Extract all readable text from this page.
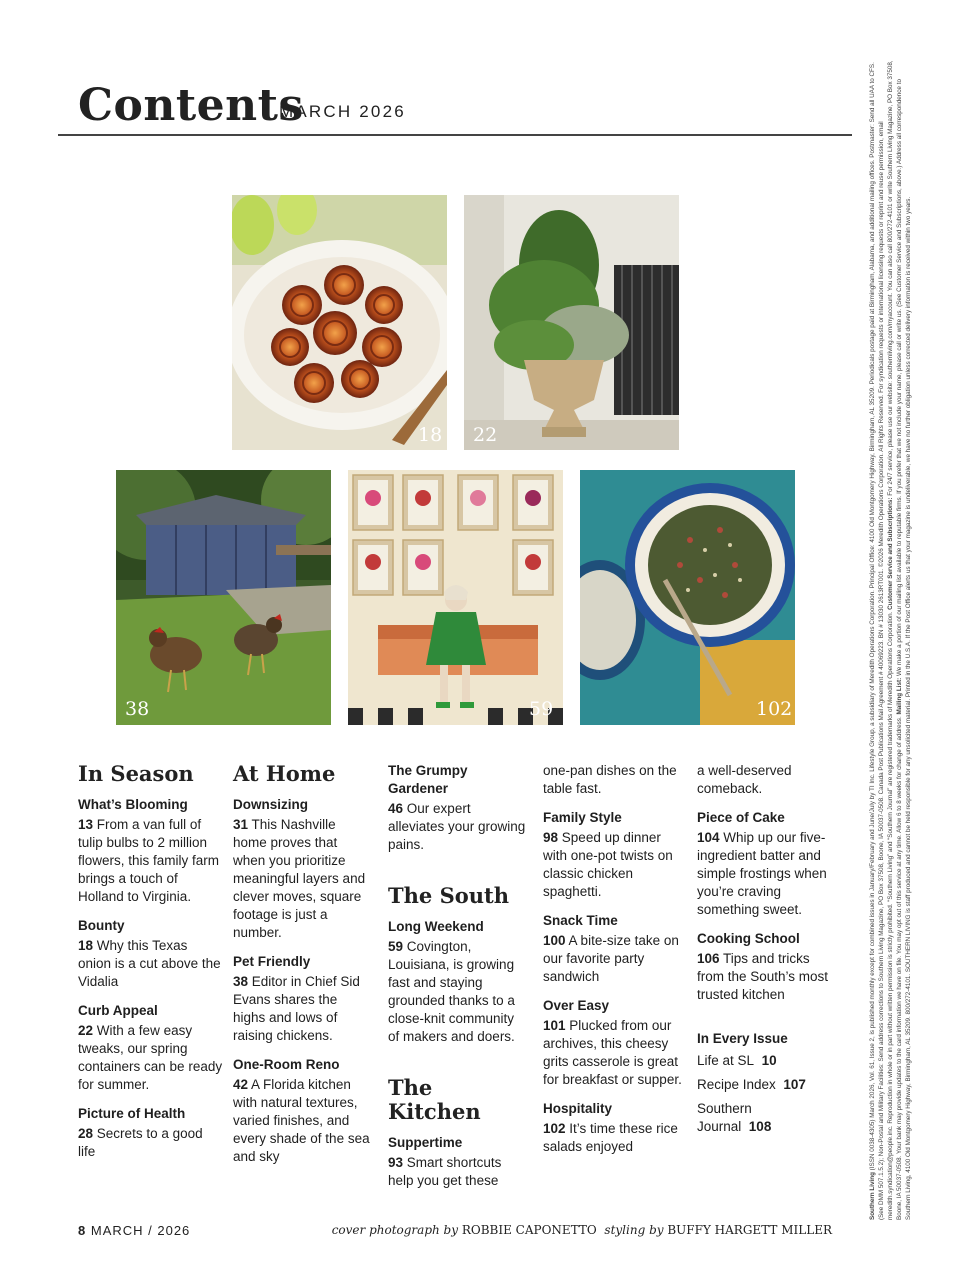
Contents
MARCH 2026
18 22
38	59	102
In Season
What’s Blooming

13 From a van full of tulip bulbs to 2 million flowers, this family farm brings a touch of Holland to Virginia.

Bounty

18 Why this Texas onion is a cut above the Vidalia

Curb Appeal

22 With a few easy tweaks, our spring containers can be ready for summer.

Picture of Health

28 Secrets to a good life

At Home
Downsizing

31 This Nashville home proves that when you prioritize meaningful layers and clever moves, square footage is just a number.

Pet Friendly

38 Editor in Chief Sid Evans shares the highs and lows of raising chickens.

One-Room Reno

42 A Florida kitchen with natural textures, varied finishes, and every shade of the sea and sky

The Grumpy Gardener

46 Our expert alleviates your growing pains.

The South
Long Weekend

59 Covington, Louisiana, is growing fast and staying grounded thanks to a close-knit community of makers and doers.

The Kitchen
Suppertime

93 Smart shortcuts help you get these

one-pan dishes on the table fast.

Family Style

98 Speed up dinner with one-pot twists on classic chicken spaghetti.

Snack Time

100 A bite-size take on our favorite party sandwich

Over Easy

101 Plucked from our archives, this cheesy grits casserole is great for breakfast or supper.

Hospitality

102 It’s time these rice salads enjoyed

a well-deserved comeback.

Piece of Cake

104 Whip up our five-ingredient batter and simple frostings when you’re craving something sweet.

Cooking School

106 Tips and tricks from the South’s most trusted kitchen

In Every Issue

Life at SL 10

Recipe Index 107

Southern Journal 108

8 MARCH / 2026	cover photograph by ROBBIE CAPONETTO styling by BUFFY HARGETT MILLER
Southern Living (ISSN 0038-4305) March 2026, Vol. 61, Issue 2, is published monthly except for combined issues in January/February and June/July by TI Inc. Lifestyle Group, a subsidiary of Meredith Operations Corporation. Principal Office: 4100 Old Montgomery Highway, Birmingham, AL 35209. Periodicals postage paid at Birmingham, Alabama, and additional mailing offices. Postmaster: Send all UAA to CFS. (See DMM 507.1.5.2); Non-Postal and Military Facilities: Send address corrections to Southern Living Magazine, PO Box 37508, Boone, IA 50037-0508. Canada Post Publications Mail Agreement # 40069223. BN # 13030 2613RT001. ©2026 Meredith Operations Corporation. All Rights Reserved. For syndication requests or international licensing requests or reprint and reuse permission, email meredith.syndication@people.inc. Reproduction in whole or in part without written permission is strictly prohibited. “Southern Living” and “Southern Journal” are registered trademarks of Meredith Operations Corporation. Customer Service and Subscriptions: For 24/7 service, please use our website: southernliving.com/myaccount. You can also call 800/272-4101 or write Southern Living Magazine, PO Box 37508, Boone, IA 50037-0508. Your bank may provide updates to the card information we have on file. You may opt out of this service at any time. Allow 6 to 8 weeks for change of address. Mailing List: We make a portion of our mailing list available to reputable firms. If you prefer that we not include your name, please call or write us. (See Customer Service and Subscriptions, above.) Address all correspondence to Southern Living, 4100 Old Montgomery Highway, Birmingham, AL 35209. 800/272-4101. SOUTHERN LIVING is staff produced and cannot be held responsible for any unsolicited material. Printed in the U.S.A. If the Post Office alerts us that your magazine is undeliverable, we have no further obligation unless corrected delivery information is received within two years.
